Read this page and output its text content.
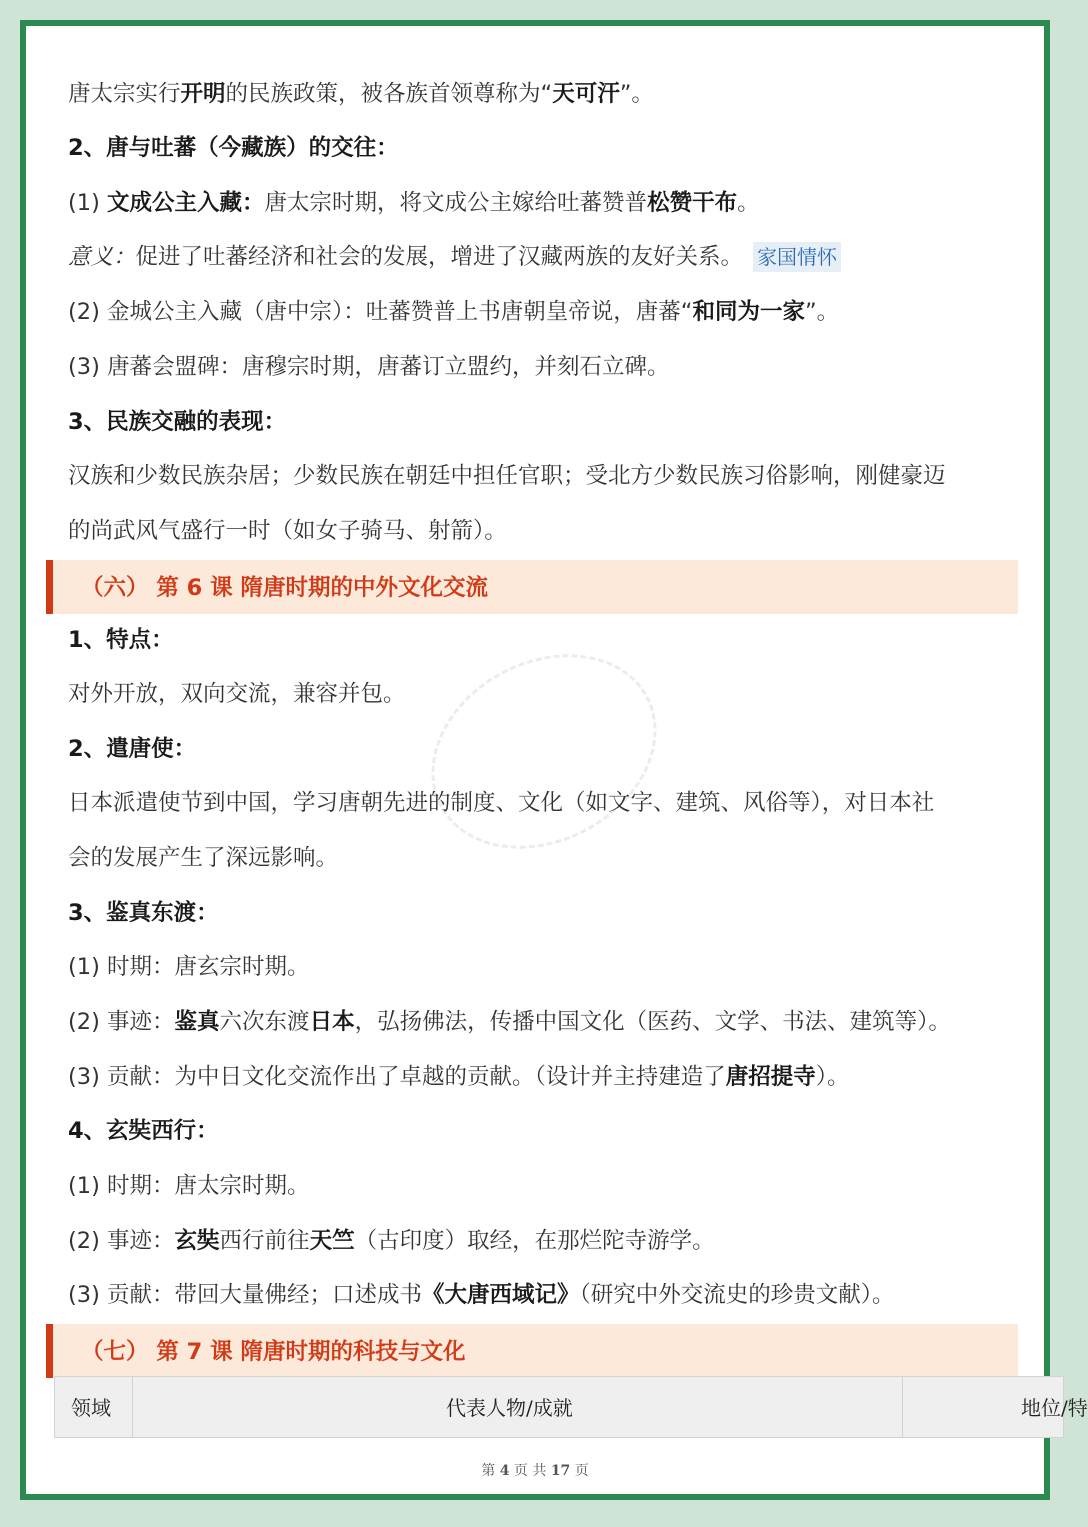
唐太宗实行开明的民族政策，被各族首领尊称为“天可汗”。
2、唐与吐蕃（今藏族）的交往：
(1) 文成公主入藏：唐太宗时期，将文成公主嫁给吐蕃赞普松赞干布。
意义：促进了吐蕃经济和社会的发展，增进了汉藏两族的友好关系。 家国情怀
(2) 金城公主入藏（唐中宗）：吐蕃赞普上书唐朝皇帝说，唐蕃“和同为一家”。
(3) 唐蕃会盟碑：唐穆宗时期，唐蕃订立盟约，并刻石立碑。
3、民族交融的表现：
汉族和少数民族杂居；少数民族在朝廷中担任官职；受北方少数民族习俗影响，刚健豪迈
的尚武风气盛行一时（如女子骑马、射箭）。
（六） 第 6 课 隋唐时期的中外文化交流
1、特点：
对外开放，双向交流，兼容并包。
2、遣唐使：
日本派遣使节到中国，学习唐朝先进的制度、文化（如文字、建筑、风俗等），对日本社
会的发展产生了深远影响。
3、鉴真东渡：
(1) 时期：唐玄宗时期。
(2) 事迹：鉴真六次东渡日本，弘扬佛法，传播中国文化（医药、文学、书法、建筑等）。
(3) 贡献：为中日文化交流作出了卓越的贡献。（设计并主持建造了唐招提寺）。
4、玄奘西行：
(1) 时期：唐太宗时期。
(2) 事迹：玄奘西行前往天竺（古印度）取经，在那烂陀寺游学。
(3) 贡献：带回大量佛经；口述成书《大唐西域记》（研究中外交流史的珍贵文献）。
（七） 第 7 课 隋唐时期的科技与文化
领域	代表人物/成就	地位/特
第 4 页 共 17 页
